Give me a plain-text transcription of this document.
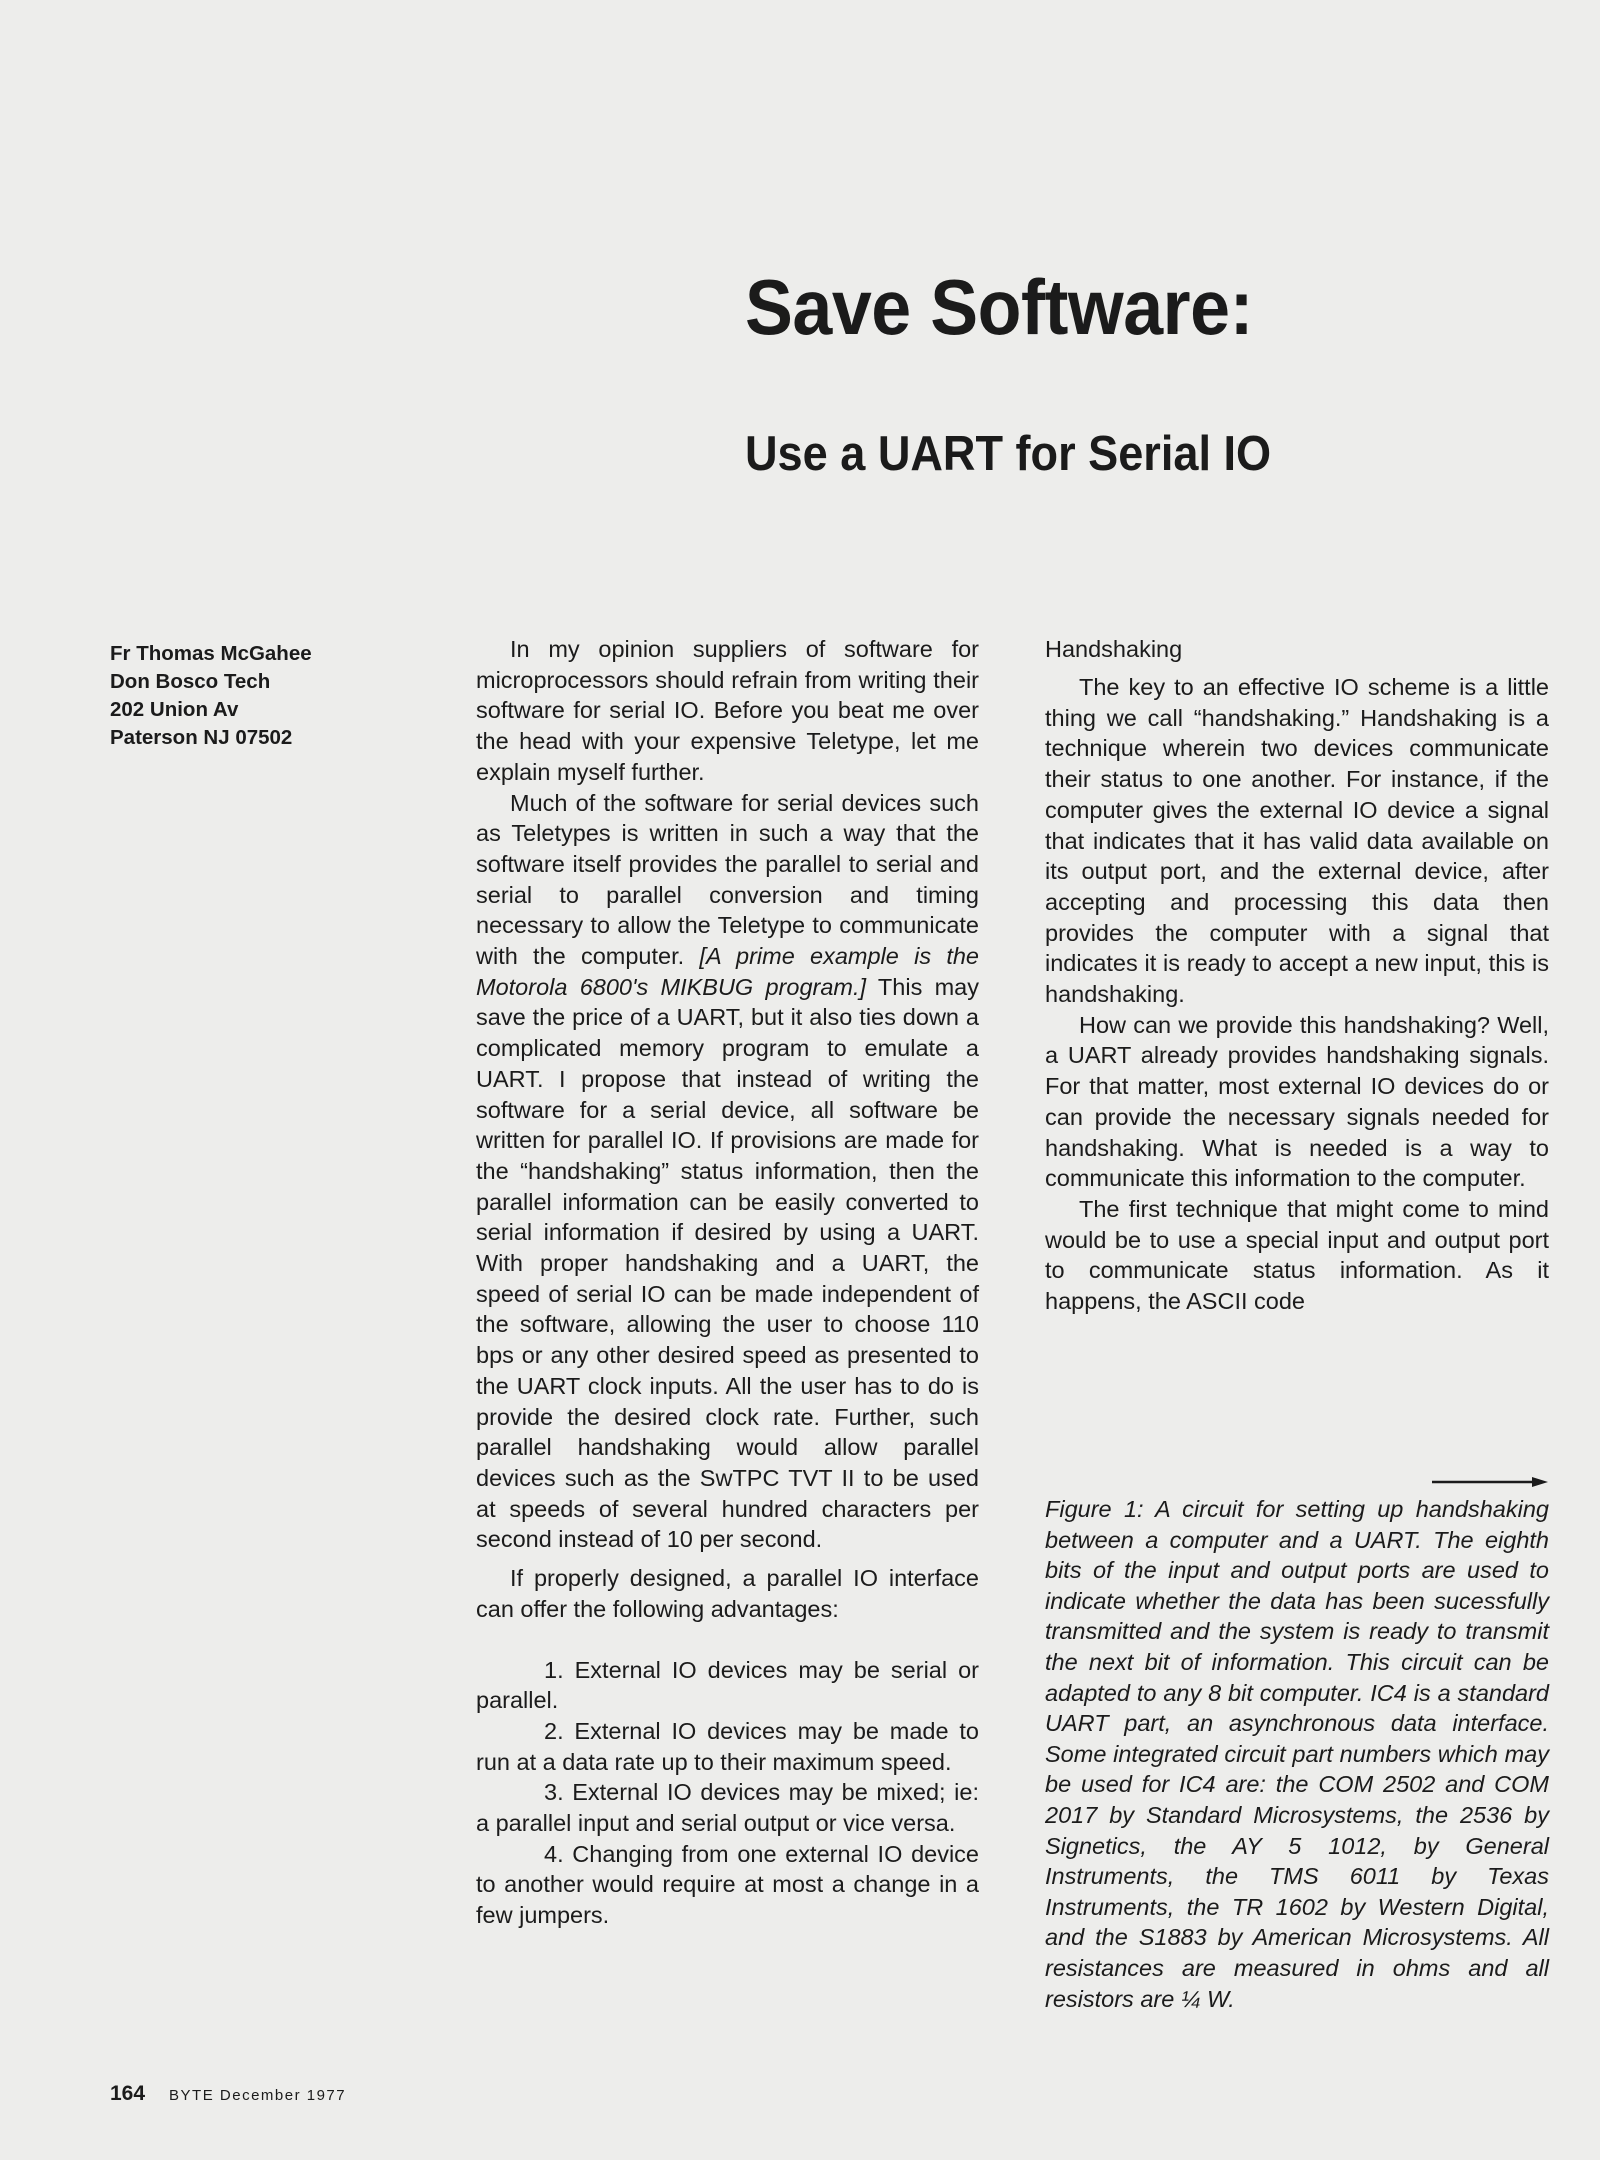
Save Software:
Use a UART for Serial IO
Fr Thomas McGahee
Don Bosco Tech
202 Union Av
Paterson NJ 07502

In my opinion suppliers of software for microprocessors should refrain from writing their software for serial IO. Before you beat me over the head with your expensive Teletype, let me explain myself further.

Much of the software for serial devices such as Teletypes is written in such a way that the software itself provides the parallel to serial and serial to parallel conversion and timing necessary to allow the Teletype to communicate with the computer. [A prime example is the Motorola 6800's MIKBUG program.] This may save the price of a UART, but it also ties down a complicated memory program to emulate a UART. I propose that instead of writing the software for a serial device, all software be written for parallel IO. If provisions are made for the “handshaking” status information, then the parallel information can be easily converted to serial information if desired by using a UART. With proper handshaking and a UART, the speed of serial IO can be made independent of the software, allowing the user to choose 110 bps or any other desired speed as presented to the UART clock inputs. All the user has to do is provide the desired clock rate. Further, such parallel handshaking would allow parallel devices such as the SwTPC TVT II to be used at speeds of several hundred characters per second instead of 10 per second.

If properly designed, a parallel IO interface can offer the following advantages:

1. External IO devices may be serial or parallel.

2. External IO devices may be made to run at a data rate up to their maximum speed.

3. External IO devices may be mixed; ie: a parallel input and serial output or vice versa.

4. Changing from one external IO device to another would require at most a change in a few jumpers.

Handshaking

The key to an effective IO scheme is a little thing we call “handshaking.” Handshaking is a technique wherein two devices communicate their status to one another. For instance, if the computer gives the external IO device a signal that indicates that it has valid data available on its output port, and the external device, after accepting and processing this data then provides the computer with a signal that indicates it is ready to accept a new input, this is handshaking.

How can we provide this handshaking? Well, a UART already provides handshaking signals. For that matter, most external IO devices do or can provide the necessary signals needed for handshaking. What is needed is a way to communicate this information to the computer.

The first technique that might come to mind would be to use a special input and output port to communicate status information. As it happens, the ASCII code

Figure 1: A circuit for setting up handshaking between a computer and a UART. The eighth bits of the input and output ports are used to indicate whether the data has been sucessfully transmitted and the system is ready to transmit the next bit of information. This circuit can be adapted to any 8 bit computer. IC4 is a standard UART part, an asynchronous data interface. Some integrated circuit part numbers which may be used for IC4 are: the COM 2502 and COM 2017 by Standard Microsystems, the 2536 by Signetics, the AY 5 1012, by General Instruments, the TMS 6011 by Texas Instruments, the TR 1602 by Western Digital, and the S1883 by American Microsystems. All resistances are measured in ohms and all resistors are ¼ W.
164 BYTE December 1977
